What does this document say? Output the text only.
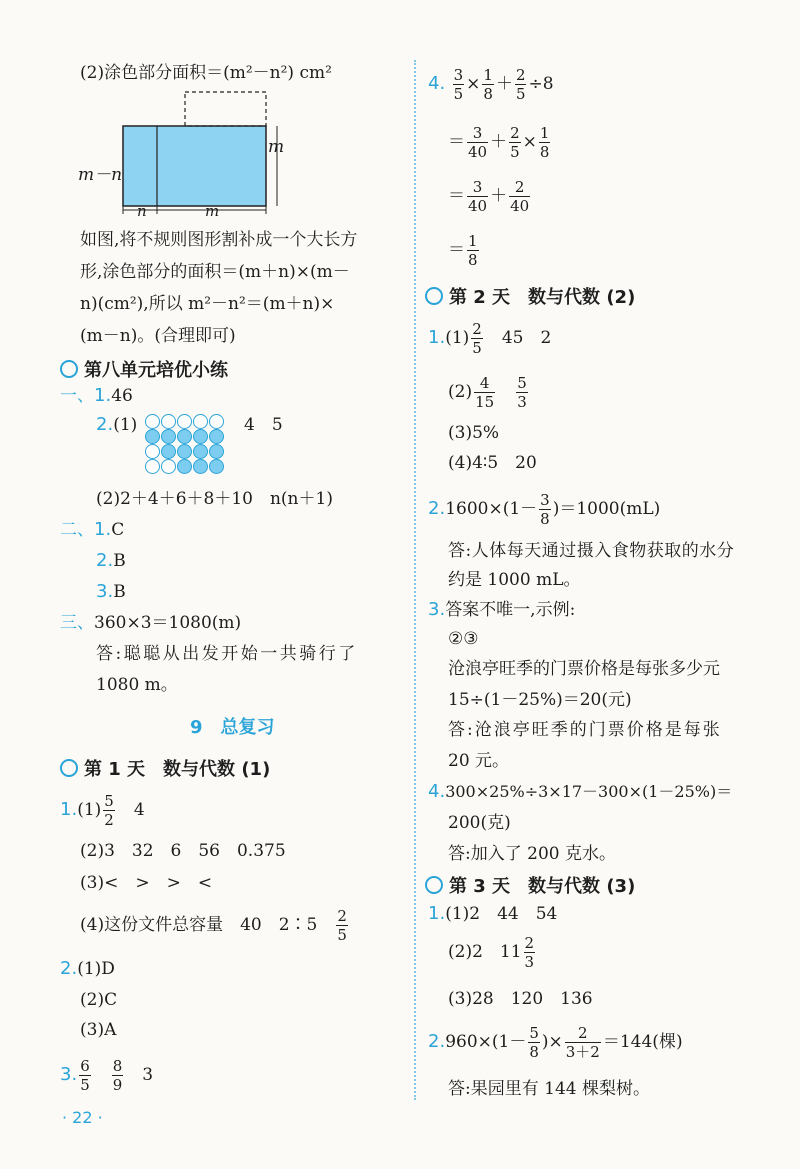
(2)涂色部分面积＝(m²－n²) cm²
m－n
m
n	m
如图,将不规则图形割补成一个大长方
形,涂色部分的面积＝(m＋n)×(m－
n)(cm²),所以 m²－n²＝(m＋n)×
(m－n)。(合理即可)
第八单元培优小练
一、1.46
2.(1)	4　5
(2)2＋4＋6＋8＋10　n(n＋1)
二、1.C
2.B
3.B
三、360×3＝1080(m)
答:聪聪从出发开始一共骑行了
1080 m。
9　 总复习
第 1 天　数与代数 (1)
$1.(1) \frac{5}{2}$
　 4
(2)3　32　6　56　0.375
(3)<　>　>　<
(4)这份文件总容量　40　2∶5　 $\frac{2}{5}$
2.(1)D
(2)C
(3)A
3. $\frac{6}{5}$
　 $\frac{8}{9}$
　 3
· 22 ·
4. $\frac{3}{5} \times \frac{1}{8} + \frac{2}{5} \div 8$
＝ $\frac{3}{40} + \frac{2}{5} \times \frac{1}{8}$
＝ $\frac{3}{40} + \frac{2}{40}$
＝ $\frac{1}{8}$
第 2 天　数与代数 (2)
$1.(1) \frac{2}{5}$
　 45　2
$(2) \frac{4}{15}$
　 $\frac{5}{3}$
(3)5%
(4)4∶5　20
$2.1600\times(1- \frac{3}{8} )=1000(mL)$
答:人体每天通过摄入食物获取的水分
约是 1000 mL。
3.答案不唯一,示例:
②③
沧浪亭旺季的门票价格是每张多少元
15÷(1－25%)＝20(元)
答:沧浪亭旺季的门票价格是每张
20 元。
4.300×25%÷3×17－300×(1－25%)＝
200(克)
答:加入了 200 克水。
第 3 天　数与代数 (3)
1.(1)2　44　54
(2)2　$11 \frac{2}{3}$
(3)28　120　136
$2.960\times(1- \frac{5}{8}$ )× $\frac{2}{3+2} =144$(棵)
答:果园里有 144 棵梨树。
